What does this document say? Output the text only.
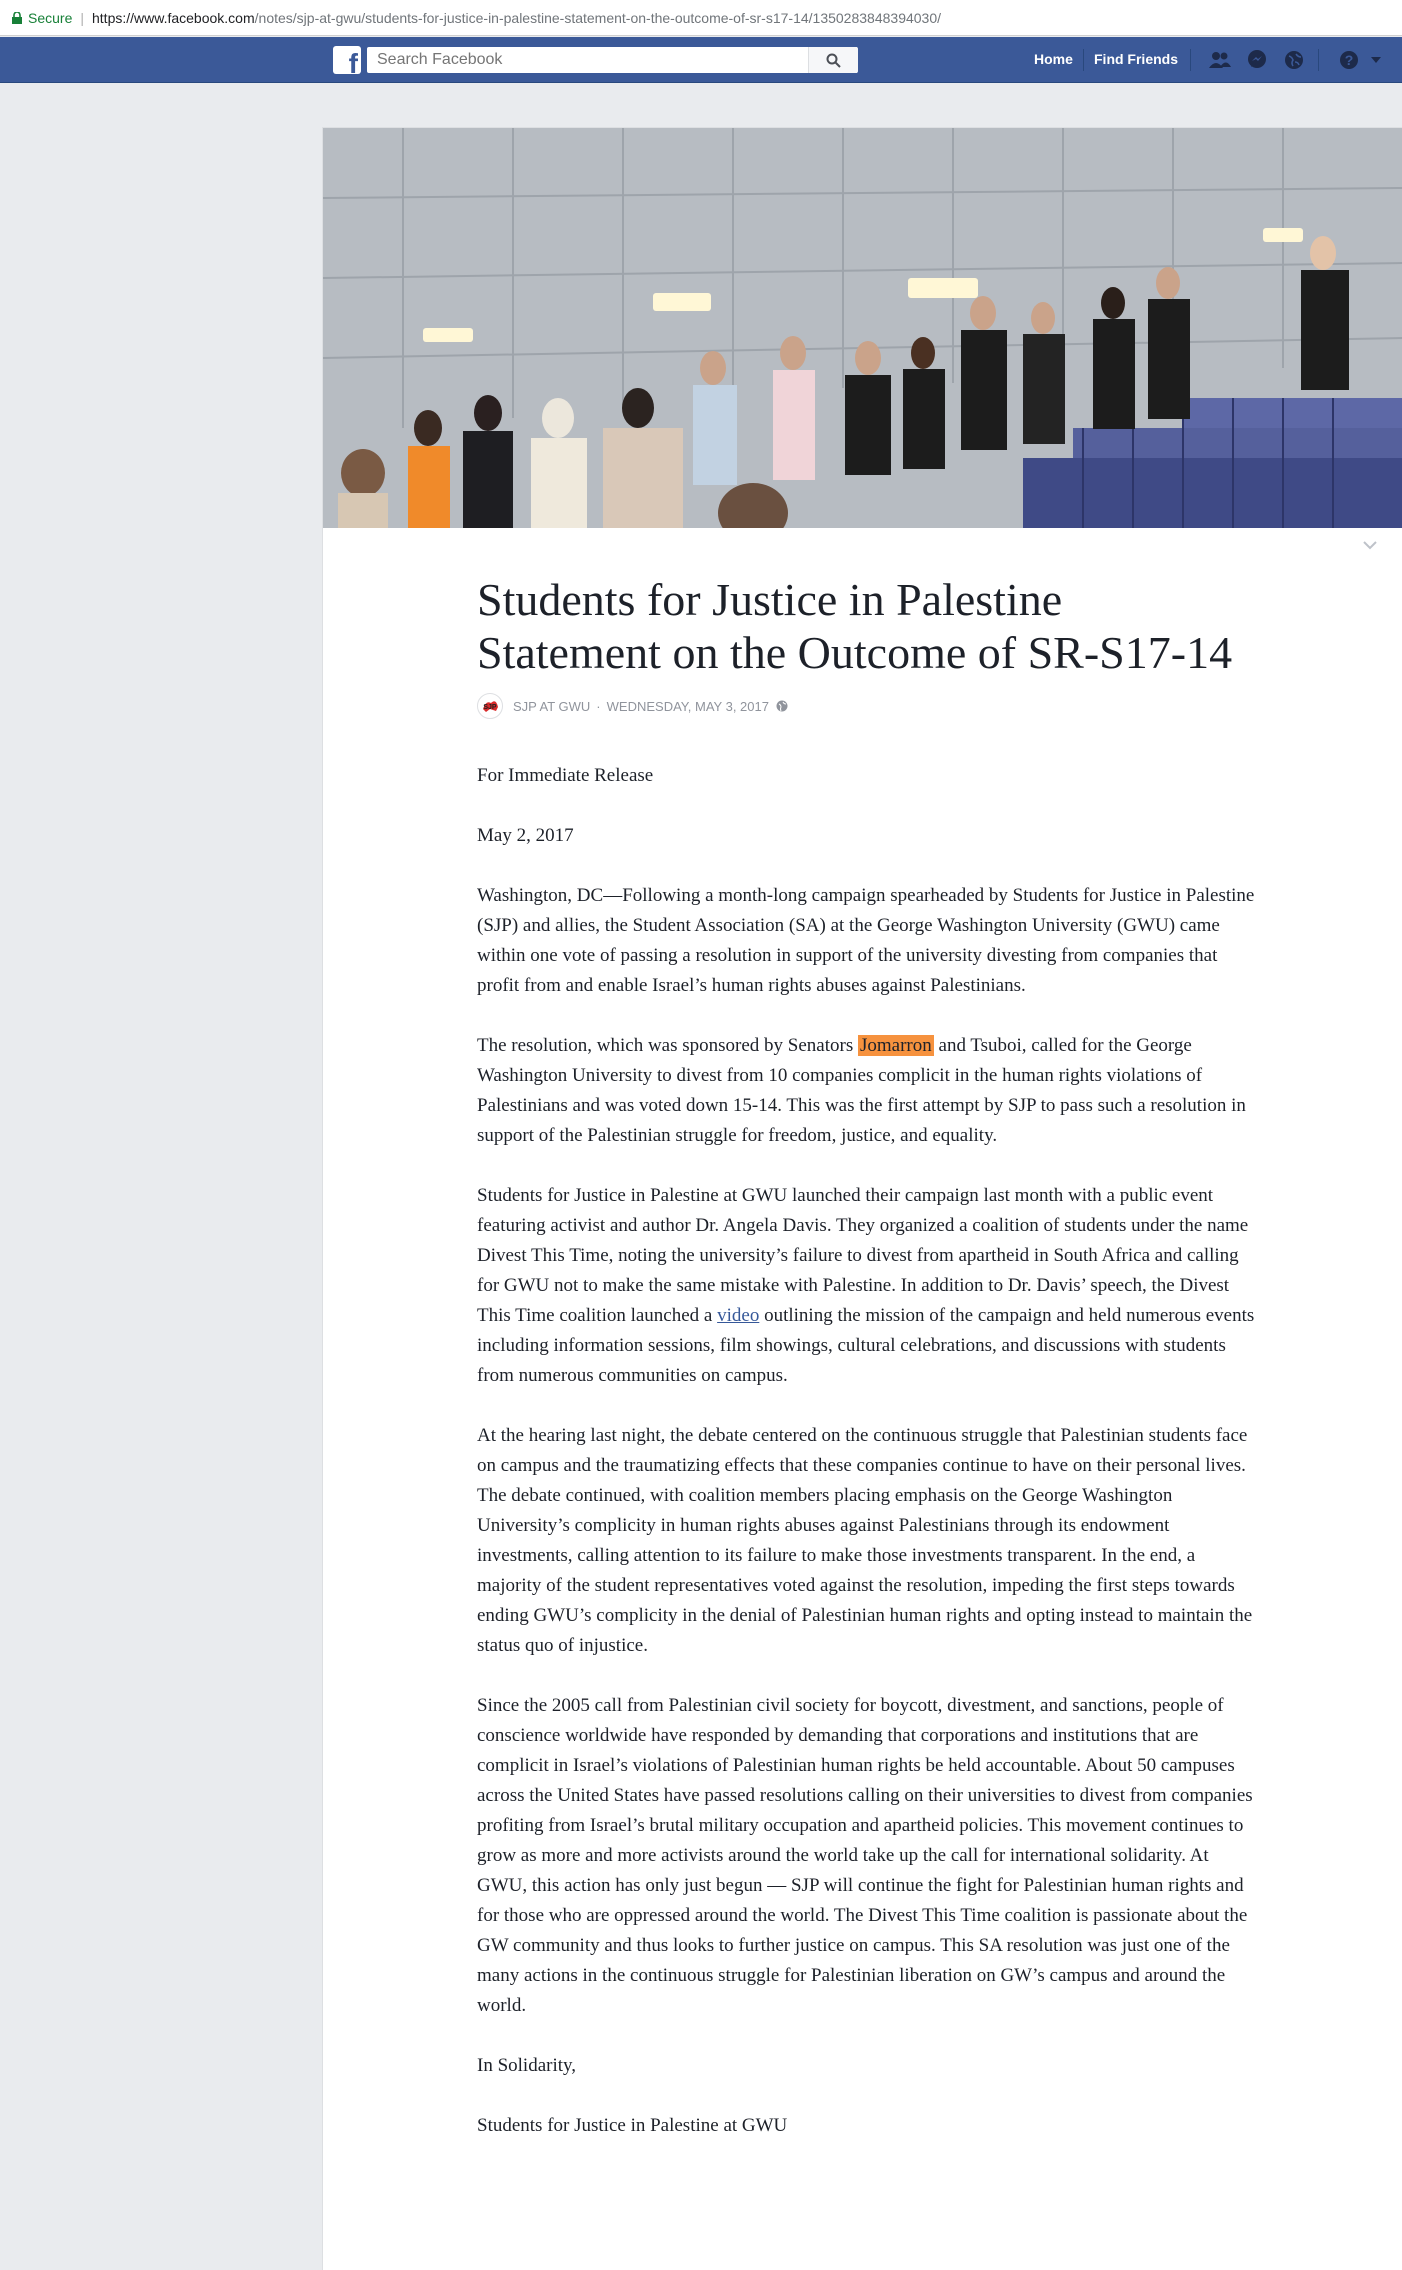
Secure | https://www.facebook.com /notes/sjp-at-gwu/students-for-justice-in-palestine-statement-on-the-outcome-of-sr-s17-14/1350283848394030/
f
Search Facebook	Home Find Friends	?
Students for Justice in Palestine Statement on the Outcome of SR-S17-14
SJP SJP AT GWU · WEDNESDAY, MAY 3, 2017

For Immediate Release

May 2, 2017

Washington, DC—Following a month-long campaign spearheaded by Students for Justice in Palestine (SJP) and allies, the Student Association (SA) at the George Washington University (GWU) came within one vote of passing a resolution in support of the university divesting from companies that profit from and enable Israel’s human rights abuses against Palestinians.

The resolution, which was sponsored by Senators Jomarron and Tsuboi, called for the George Washington University to divest from 10 companies complicit in the human rights violations of Palestinians and was voted down 15-14. This was the first attempt by SJP to pass such a resolution in support of the Palestinian struggle for freedom, justice, and equality.

Students for Justice in Palestine at GWU launched their campaign last month with a public event featuring activist and author Dr. Angela Davis. They organized a coalition of students under the name Divest This Time, noting the university’s failure to divest from apartheid in South Africa and calling for GWU not to make the same mistake with Palestine. In addition to Dr. Davis’ speech, the Divest This Time coalition launched a video outlining the mission of the campaign and held numerous events including information sessions, film showings, cultural celebrations, and discussions with students from numerous communities on campus.

At the hearing last night, the debate centered on the continuous struggle that Palestinian students face on campus and the traumatizing effects that these companies continue to have on their personal lives. The debate continued, with coalition members placing emphasis on the George Washington University’s complicity in human rights abuses against Palestinians through its endowment investments, calling attention to its failure to make those investments transparent. In the end, a majority of the student representatives voted against the resolution, impeding the first steps towards ending GWU’s complicity in the denial of Palestinian human rights and opting instead to maintain the status quo of injustice.

Since the 2005 call from Palestinian civil society for boycott, divestment, and sanctions, people of conscience worldwide have responded by demanding that corporations and institutions that are complicit in Israel’s violations of Palestinian human rights be held accountable. About 50 campuses across the United States have passed resolutions calling on their universities to divest from companies profiting from Israel’s brutal military occupation and apartheid policies. This movement continues to grow as more and more activists around the world take up the call for international solidarity. At GWU, this action has only just begun — SJP will continue the fight for Palestinian human rights and for those who are oppressed around the world. The Divest This Time coalition is passionate about the GW community and thus looks to further justice on campus. This SA resolution was just one of the many actions in the continuous struggle for Palestinian liberation on GW’s campus and around the world.

In Solidarity,

Students for Justice in Palestine at GWU
